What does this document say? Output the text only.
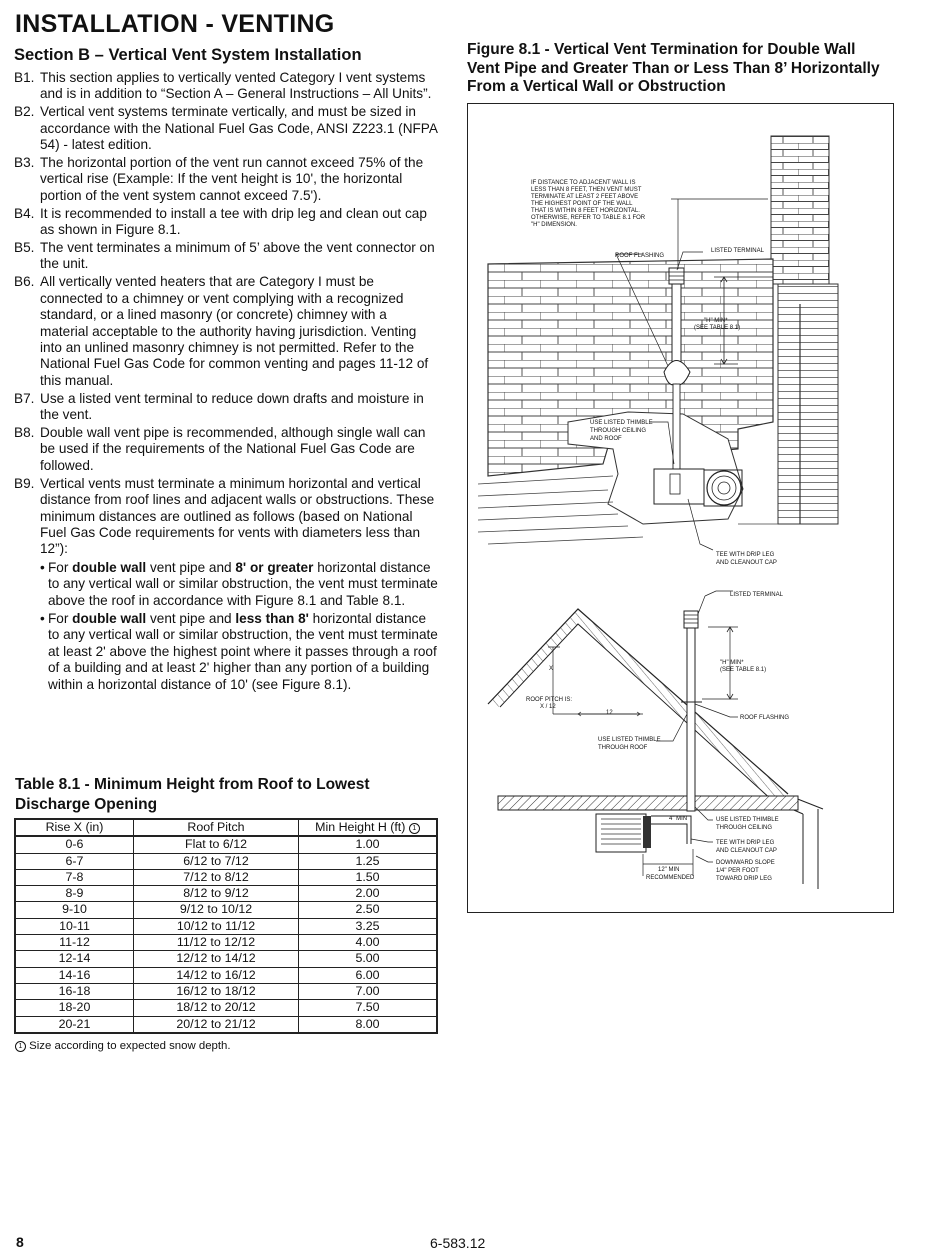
INSTALLATION - VENTING
Section B – Vertical Vent System Installation
B1. This section applies to vertically vented Category I vent systems and is in addition to “Section A – General Instructions – All Units”.
B2. Vertical vent systems terminate vertically, and must be sized in accordance with the National Fuel Gas Code, ANSI Z223.1 (NFPA 54) - latest edition.
B3. The horizontal portion of the vent run cannot exceed 75% of the vertical rise (Example: If the vent height is 10', the horizontal portion of the vent system cannot exceed 7.5').
B4. It is recommended to install a tee with drip leg and clean out cap as shown in Figure 8.1.
B5. The vent terminates a minimum of 5’ above the vent connector on the unit.
B6. All vertically vented heaters that are Category I must be connected to a chimney or vent complying with a recognized standard, or a lined masonry (or concrete) chimney with a material acceptable to the authority having jurisdiction. Venting into an unlined masonry chimney is not permitted. Refer to the National Fuel Gas Code for common venting and pages 11-12 of this manual.
B7. Use a listed vent terminal to reduce down drafts and moisture in the vent.
B8. Double wall vent pipe is recommended, although single wall can be used if the requirements of the National Fuel Gas Code are followed.
B9. Vertical vents must terminate a minimum horizontal and vertical distance from roof lines and adjacent walls or obstructions. These minimum distances are outlined as follows (based on National Fuel Gas Code requirements for vents with diameters less than 12”):
• For double wall vent pipe and 8' or greater horizontal distance to any vertical wall or similar obstruction, the vent must terminate above the roof in accordance with Figure 8.1 and Table 8.1.
• For double wall vent pipe and less than 8' horizontal distance to any vertical wall or similar obstruction, the vent must terminate at least 2' above the highest point where it passes through a roof of a building and at least 2' higher than any portion of a building within a horizontal distance of 10' (see Figure 8.1).
Table 8.1 - Minimum Height from Roof to Lowest Discharge Opening
Rise X (in)	Roof Pitch	Min Height H (ft) 1
0-6	Flat to 6/12	1.00
6-7	6/12 to 7/12	1.25
7-8	7/12 to 8/12	1.50
8-9	8/12 to 9/12	2.00
9-10	9/12 to 10/12	2.50
10-11	10/12 to 11/12	3.25
11-12	11/12 to 12/12	4.00
12-14	12/12 to 14/12	5.00
14-16	14/12 to 16/12	6.00
16-18	16/12 to 18/12	7.00
18-20	18/12 to 20/12	7.50
20-21	20/12 to 21/12	8.00
1 Size according to expected snow depth.
Figure 8.1 - Vertical Vent Termination for Double Wall Vent Pipe and Greater Than or Less Than 8’ Horizontally From a Vertical Wall or Obstruction
IF DISTANCE TO ADJACENT WALL IS
LESS THAN 8 FEET, THEN VENT MUST
TERMINATE AT LEAST 2 FEET ABOVE
THE HIGHEST POINT OF THE WALL
THAT IS WITHIN 8 FEET HORIZONTAL.
OTHERWISE, REFER TO TABLE 8.1 FOR
"H" DIMENSION.
ROOF FLASHING
LISTED TERMINAL
"H" MIN*
(SEE TABLE 8.1)
USE LISTED THIMBLE
THROUGH CEILING
AND ROOF
TEE WITH DRIP LEG
AND CLEANOUT CAP
LISTED TERMINAL
"H" MIN*
(SEE TABLE 8.1)
X
ROOF PITCH IS:
X / 12
12
ROOF FLASHING
USE LISTED THIMBLE
THROUGH ROOF
4" MIN	USE LISTED THIMBLE
THROUGH CEILING
TEE WITH DRIP LEG
AND CLEANOUT CAP
DOWNWARD SLOPE
1/4" PER FOOT
TOWARD DRIP LEG
12" MIN
RECOMMENDED
8	6-583.12
